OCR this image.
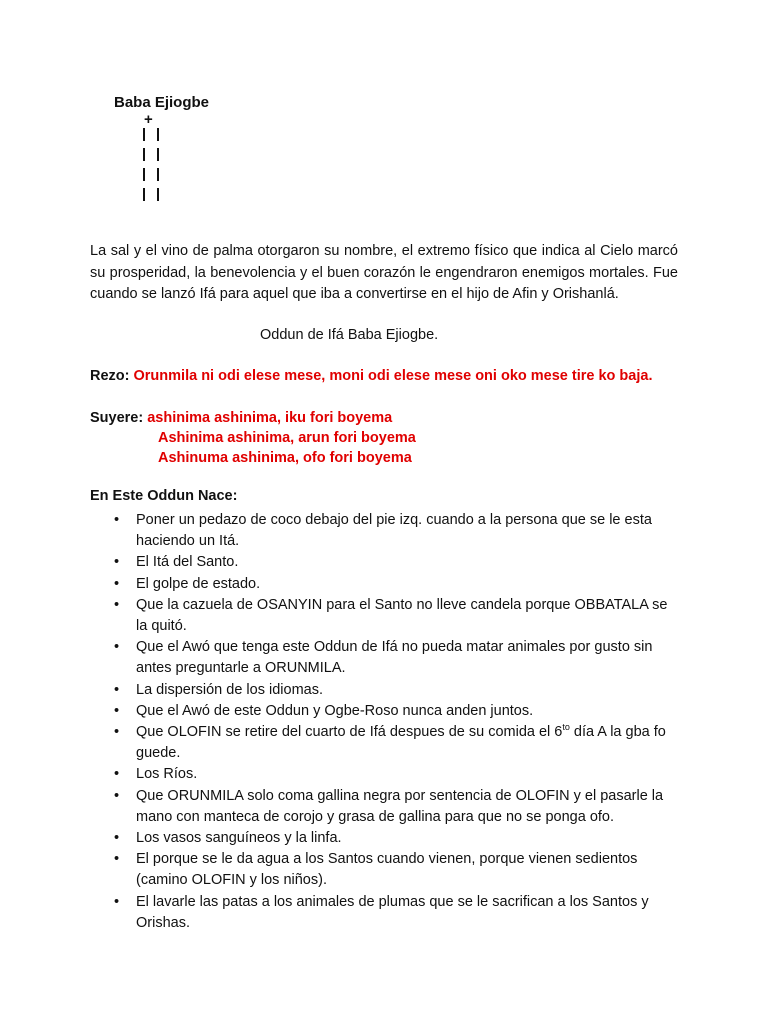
Baba Ejiogbe
+
La sal y el vino de palma otorgaron su nombre, el extremo físico que indica al Cielo marcó su prosperidad, la benevolencia y el buen corazón le engendraron enemigos mortales. Fue cuando se lanzó Ifá para aquel que iba a convertirse en el hijo de Afin y Orishanlá.
Oddun de Ifá Baba Ejiogbe.
Rezo: Orunmila ni odi elese mese, moni odi elese mese oni oko mese tire ko baja.
Suyere: ashinima ashinima, iku fori boyema
Ashinima ashinima, arun fori boyema
Ashinuma ashinima, ofo fori boyema
En Este Oddun Nace:
• Poner un pedazo de coco debajo del pie izq. cuando a la persona que se le esta haciendo un Itá.
• El Itá del Santo.
• El golpe de estado.
• Que la cazuela de OSANYIN para el Santo no lleve candela porque OBBATALA se la quitó.
• Que el Awó que tenga este Oddun de Ifá no pueda matar animales por gusto sin antes preguntarle a ORUNMILA.
• La dispersión de los idiomas.
• Que el Awó de este Oddun y Ogbe-Roso nunca anden juntos.
• Que OLOFIN se retire del cuarto de Ifá despues de su comida el $6^{to}$ día A la gba fo guede.
• Los Ríos.
• Que ORUNMILA solo coma gallina negra por sentencia de OLOFIN y el pasarle la mano con manteca de corojo y grasa de gallina para que no se ponga ofo.
• Los vasos sanguíneos y la linfa.
• El porque se le da agua a los Santos cuando vienen, porque vienen sedientos (camino OLOFIN y los niños).
• El lavarle las patas a los animales de plumas que se le sacrifican a los Santos y Orishas.
